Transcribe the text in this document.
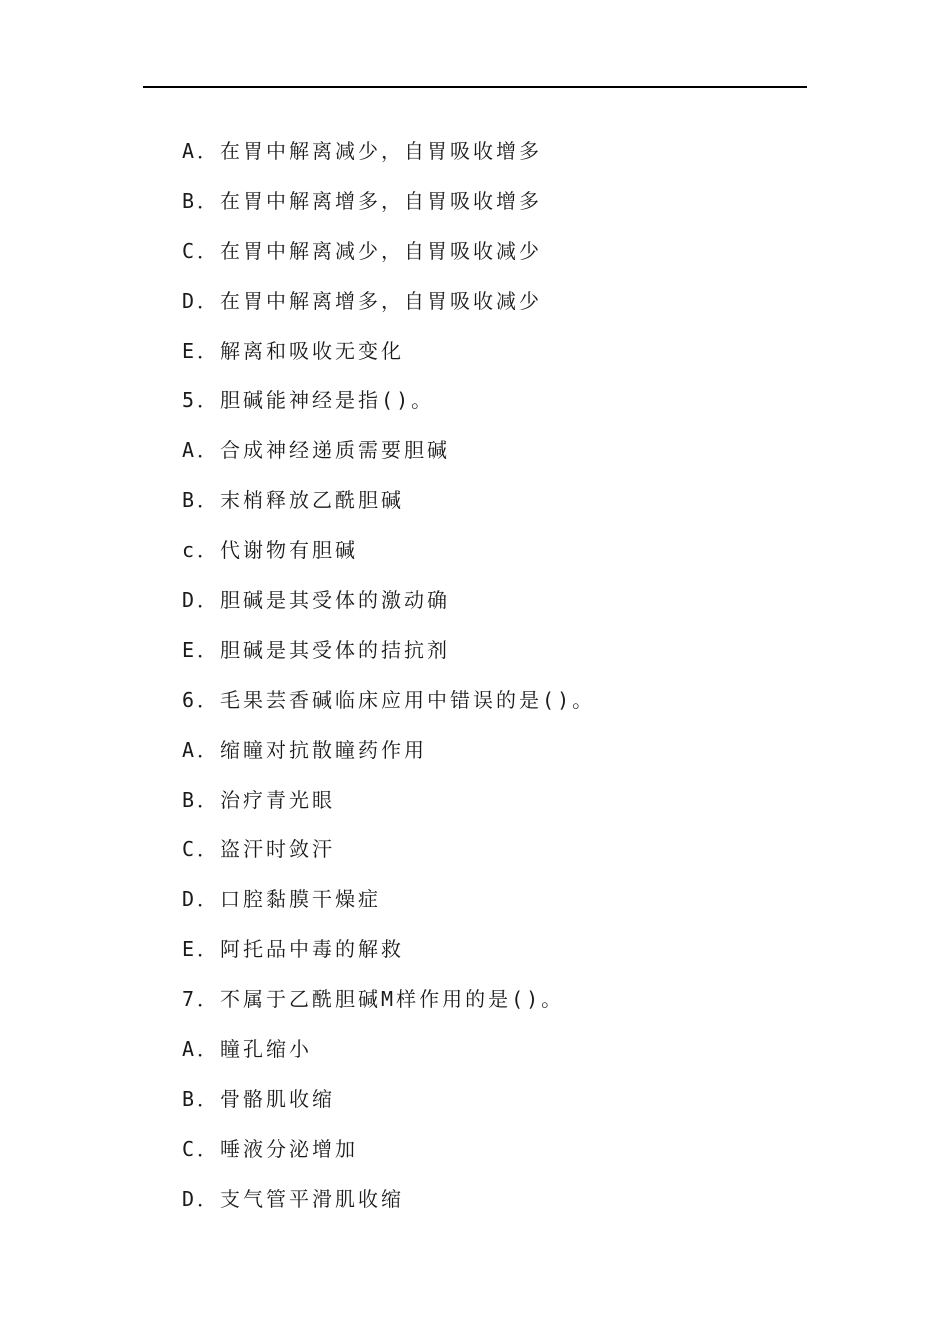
A．在胃中解离减少，自胃吸收增多
B．在胃中解离增多，自胃吸收增多
C．在胃中解离减少，自胃吸收减少
D．在胃中解离增多，自胃吸收减少
E．解离和吸收无变化
5．胆碱能神经是指()。
A．合成神经递质需要胆碱
B．末梢释放乙酰胆碱
c．代谢物有胆碱
D．胆碱是其受体的激动确
E．胆碱是其受体的拮抗剂
6．毛果芸香碱临床应用中错误的是()。
A．缩瞳对抗散瞳药作用
B．治疗青光眼
C．盗汗时敛汗
D．口腔黏膜干燥症
E．阿托品中毒的解救
7．不属于乙酰胆碱M样作用的是()。
A．瞳孔缩小
B．骨骼肌收缩
C．唾液分泌增加
D．支气管平滑肌收缩
